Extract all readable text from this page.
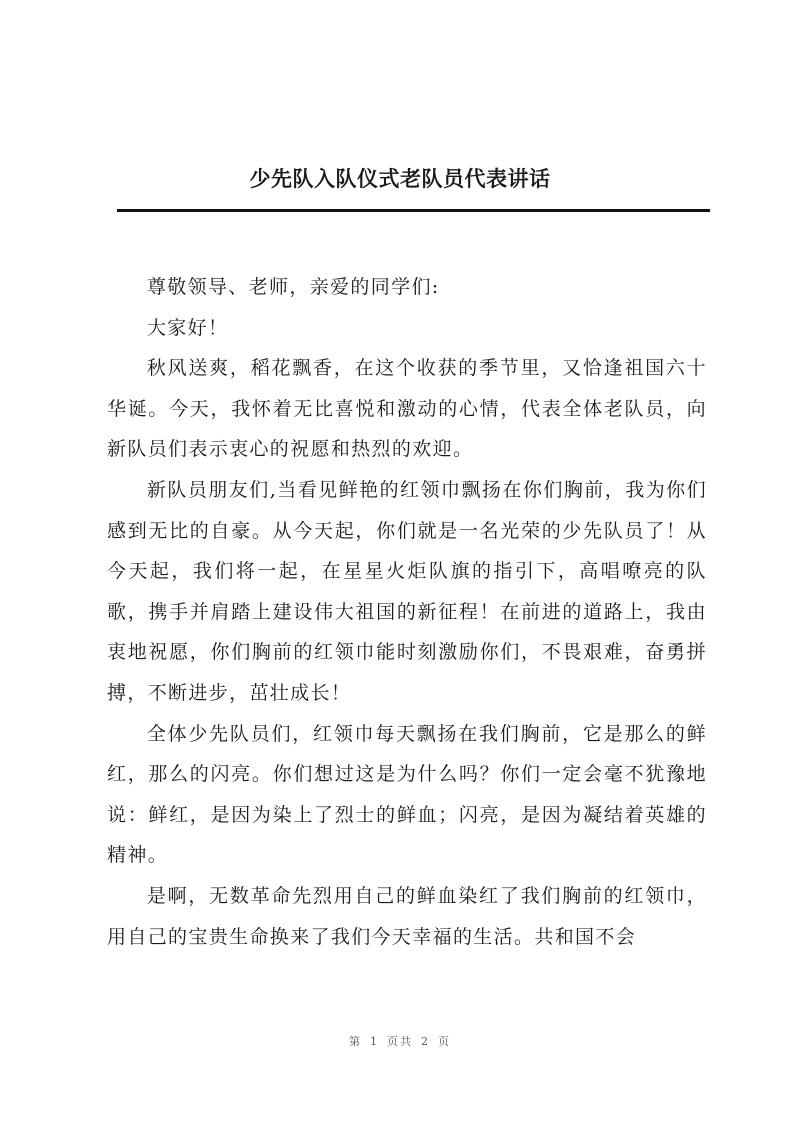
少先队入队仪式老队员代表讲话

尊敬领导、老师，亲爱的同学们:

大家好！

秋风送爽，稻花飘香，在这个收获的季节里，又恰逢祖国六十华诞。今天，我怀着无比喜悦和激动的心情，代表全体老队员，向新队员们表示衷心的祝愿和热烈的欢迎。

新队员朋友们,当看见鲜艳的红领巾飘扬在你们胸前，我为你们感到无比的自豪。从今天起，你们就是一名光荣的少先队员了！从今天起，我们将一起，在星星火炬队旗的指引下，高唱嘹亮的队歌，携手并肩踏上建设伟大祖国的新征程！在前进的道路上，我由衷地祝愿，你们胸前的红领巾能时刻激励你们，不畏艰难，奋勇拼搏，不断进步，茁壮成长！

全体少先队员们，红领巾每天飘扬在我们胸前，它是那么的鲜红，那么的闪亮。你们想过这是为什么吗？你们一定会毫不犹豫地说：鲜红，是因为染上了烈士的鲜血；闪亮，是因为凝结着英雄的精神。

是啊，无数革命先烈用自己的鲜血染红了我们胸前的红领巾，用自己的宝贵生命换来了我们今天幸福的生活。共和国不会

第 1 页共 2 页
